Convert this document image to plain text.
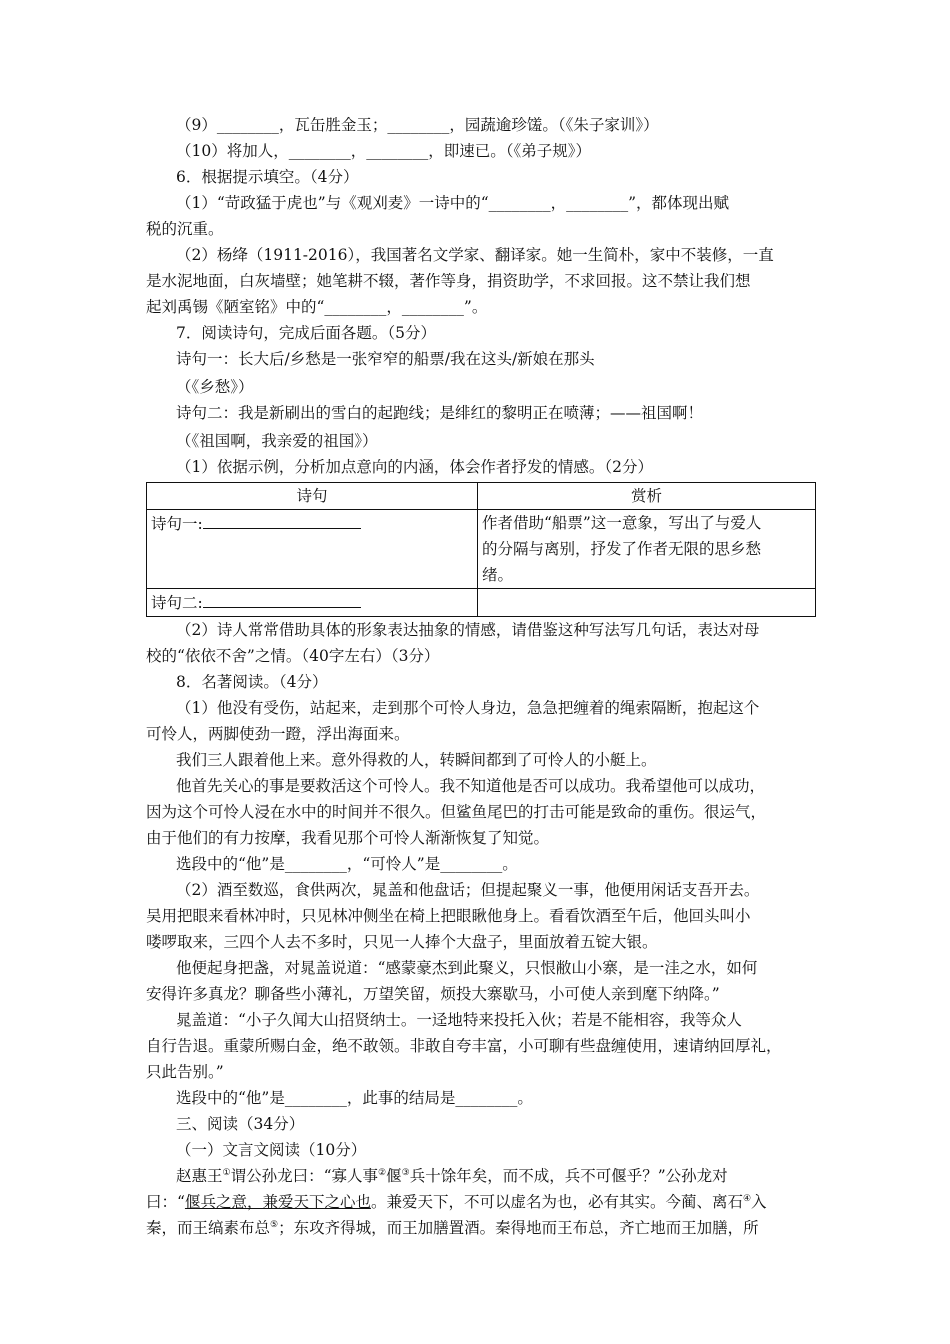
（9）________，瓦缶胜金玉；________，园蔬逾珍馐。（《朱子家训》）

（10）将加人，________，________，即速已。（《弟子规》）

6．根据提示填空。（4分）

（1）“苛政猛于虎也”与《观刈麦》一诗中的“________，________”，都体现出赋

税的沉重。

（2）杨绛（1911-2016），我国著名文学家、翻译家。她一生简朴，家中不装修，一直

是水泥地面，白灰墙壁；她笔耕不辍，著作等身，捐资助学，不求回报。这不禁让我们想

起刘禹锡《陋室铭》中的“________，________”。

7．阅读诗句，完成后面各题。（5分）

诗句一：长大后/乡愁是一张窄窄的船票/我在这头/新娘在那头

（《乡愁》）

诗句二：我是新刷出的雪白的起跑线；是绯红的黎明正在喷薄；——祖国啊！

（《祖国啊，我亲爱的祖国》）

（1）依据示例，分析加点意向的内涵，体会作者抒发的情感。（2分）

诗句	赏析
诗句一:	作者借助“船票”这一意象，写出了与爱人
的分隔与离别，抒发了作者无限的思乡愁
绪。

诗句二:	

（2）诗人常常借助具体的形象表达抽象的情感，请借鉴这种写法写几句话，表达对母

校的“依依不舍”之情。（40字左右）（3分）

8．名著阅读。（4分）

（1）他没有受伤，站起来，走到那个可怜人身边，急急把缠着的绳索隔断，抱起这个

可怜人，两脚使劲一蹬，浮出海面来。

我们三人跟着他上来。意外得救的人，转瞬间都到了可怜人的小艇上。

他首先关心的事是要救活这个可怜人。我不知道他是否可以成功。我希望他可以成功，

因为这个可怜人浸在水中的时间并不很久。但鲨鱼尾巴的打击可能是致命的重伤。很运气，

由于他们的有力按摩，我看见那个可怜人渐渐恢复了知觉。

选段中的“他”是________，“可怜人”是________。

（2）酒至数巡，食供两次，晁盖和他盘话；但提起聚义一事，他便用闲话支吾开去。

吴用把眼来看林冲时，只见林冲侧坐在椅上把眼瞅他身上。看看饮酒至午后，他回头叫小

喽啰取来，三四个人去不多时，只见一人捧个大盘子，里面放着五锭大银。

他便起身把盏，对晁盖说道：“感蒙豪杰到此聚义，只恨敝山小寨，是一洼之水，如何

安得许多真龙？聊备些小薄礼，万望笑留，烦投大寨歇马，小可使人亲到麾下纳降。”

晁盖道：“小子久闻大山招贤纳士。一迳地特来投托入伙；若是不能相容，我等众人

自行告退。重蒙所赐白金，绝不敢领。非敢自夸丰富，小可聊有些盘缠使用，速请纳回厚礼，

只此告别。”

选段中的“他”是________，此事的结局是________。

三、阅读（34分）

（一）文言文阅读（10分）

赵惠王①谓公孙龙曰：“寡人事②偃③兵十馀年矣，而不成，兵不可偃乎？”公孙龙对

曰：“偃兵之意，兼爱天下之心也。兼爱天下，不可以虚名为也，必有其实。今蔺、离石④入

秦，而王缟素布总⑤；东攻齐得城，而王加膳置酒。秦得地而王布总，齐亡地而王加膳，所
